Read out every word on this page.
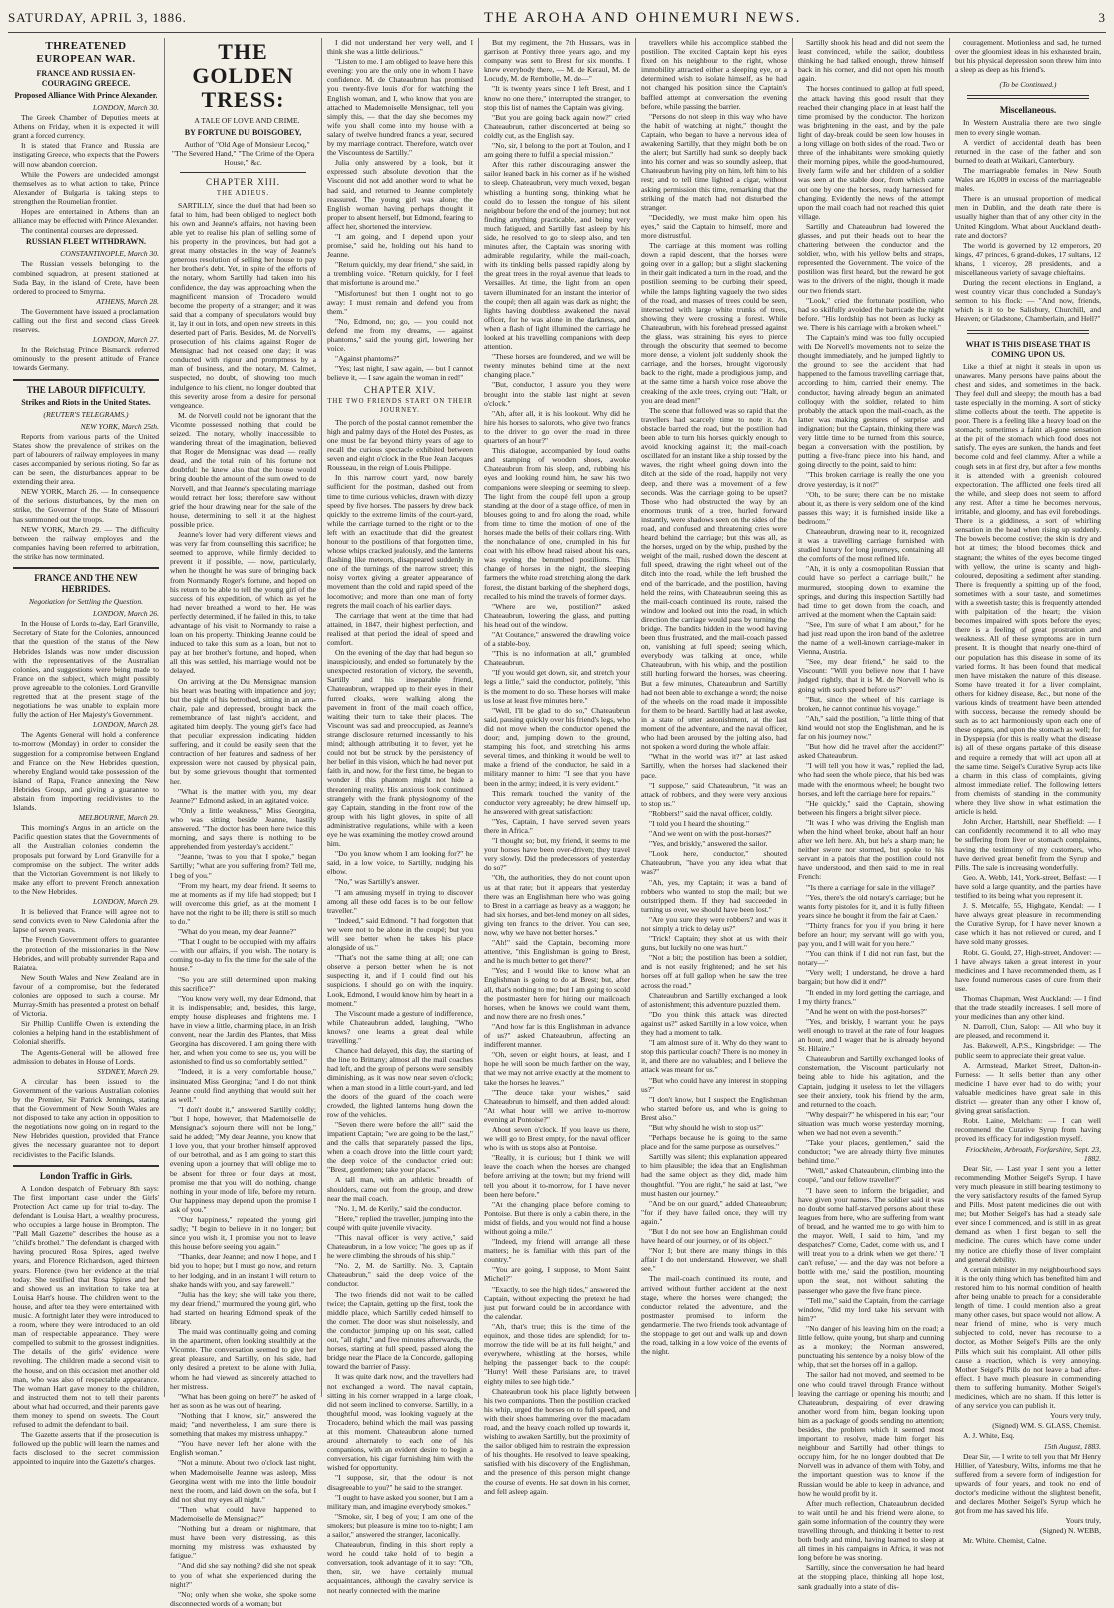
SATURDAY, APRIL 3, 1886.	THE AROHA AND OHINEMURI NEWS.	3
THREATENED EUROPEAN WAR.
FRANCE AND RUSSIA EN-COURAGING GREECE.
Proposed Alliance With Prince Alexander.

LONDON, March 30.

The Greek Chamber of Deputies meets at Athens on Friday, when it is expected it will grant a forced currency.

It is stated that France and Russia are instigating Greece, who expects that the Powers will now abandon coercion.

While the Powers are undecided amongst themselves as to what action to take, Prince Alexander of Bulgaria is taking steps to strengthen the Roumelian frontier.

Hopes are entertained in Athens than an alliance may be effected with Prince Alexander.

The continental courses are depressed.

RUSSIAN FLEET WITHDRAWN.

CONSTANTINOPLE, March 30.

The Russian vessels belonging to the combined squadron, at present stationed at Suda Bay, in the island of Crete, have been ordered to proceed to Smyrna.

ATHENS, March 28.

The Government have issued a proclamation calling out the first and second class Greek reserves.

LONDON, March 27.

In the Reichstag Prince Bismarck referred ominously to the present attitude of France towards Germany.

THE LABOUR DIFFICULTY.
Strikes and Riots in the United States.
(REUTER'S TELEGRAMS.)

NEW YORK, March 25th.

Reports from various parts of the United States show the prevalence of strikes on the part of labourers of railway employees in many cases accompanied by serious rioting. So far as can be seen, the disturbances appear to be extending their area.

NEW YORK, March 26. — In consequence of the serious disturbances, by the men on strike, the Governor of the State of Missouri has summoned out the troops.

NEW YORK, March 29. — The difficulty between the railway employes and the companies having been referred to arbitration, the strike has now terminated.

FRANCE AND THE NEW HEBRIDES.
Negotiation for Settling the Question.

LONDON, March 26.

In the House of Lords to-day, Earl Granville, Secretary of State for the Colonies, announced that the question of the status of the New Hebrides Islands was now under discussion with the representatives of the Australian colonies, and suggestions were being made to France on the subject, which might possibly prove agreeable to the colonies. Lord Granville regretted that at the present stage of the negotiations he was unable to explain more fully the action of Her Majesty's Government.

LONDON, March 28.

The Agents General will hold a conference to-morrow (Monday) in order to consider the suggestion for a compromise between England and France on the New Hebrides question, whereby England would take possession of the island of Rapa, France annexing the New Hebrides Group, and giving a guarantee to abstain from importing recidivistes to the Islands.

MELBOURNE, March 29.

This morning's Argus in an article on the Pacific question states that the Governments of all the Australian colonies condemn the proposals put forward by Lord Granville for a compromise on the subject. The writer adds that the Victorian Government is not likely to make any effort to prevent French annexation to the New Hebrides.

LONDON, March 29.

It is believed that France will agree not to send convicts even to New Caledonia after the lapse of seven years.

The French Government offers to guarantee the protection of the missionaries in the New Hebrides, and will probably surrender Rapa and Raiatea.

New South Wales and New Zealand are in favour of a compromise, but the federated colonies are opposed to such a course. Mr Murray-Smith has presented a protest on behalf of Victoria.

Sir Phillip Cunliffe Owen is extending the colonies a helping hand in the establishment of Colonial sheriffs.

The Agents-General will be allowed free admission to debates in House of Lords.

SYDNEY, March 29.

A circular has been issued to the Government of the various Australian colonies by the Premier, Sir Patrick Jennings, stating that the Government of New South Wales are not disposed to take any action in opposition to the negotiations now going on in regard to the New Hebrides question, provided that France gives the necessary guarantee not to deport recidivistes to the Pacific Islands.

London Traffic in Girls.

A London despatch of February 8th says: The first important case under the Girls' Protection Act came up for trial to-day. The defendant is Louisa Hart, a wealthy procuress, who occupies a large house in Brompton. The "Pall Mall Gazette" describes the house as a "child's brothel." The defendant is charged with having procured Rosa Spires, aged twelve years, and Florence Richardson, aged thirteen years. Florence (two her evidence at the trial today. She testified that Rosa Spires and her and showed us an invitation to take tea at Louisa Hart's house. The children went to the house, and after tea they were entertained with music. A fortnight later they were introduced to a room, where they were introduced to an old man of respectable appearance. They were compelled to submit to the grossest indignities. The details of the girls' evidence were revolting. The children made a second visit to the house, and on this occasion met another old man, who was also of respectable appearance. The woman Hart gave money to the children, and instructed them not to tell their parents about what had occurred, and their parents gave them money to spend on sweets. The Court refused to admit the defendant to bail.

The Gazette asserts that if the prosecution is followed up the public will learn the names and facts disclosed to the secret commission appointed to inquire into the Gazette's charges.

THE GOLDEN TRESS:

A TALE OF LOVE AND CRIME.

BY FORTUNE DU BOISGOBEY,

Author of "Old Age of Monsieur Lecoq," "The Severed Hand," "The Crime of the Opera House," &c.

CHAPTER XIII.
THE ADIEUS.

SARTILLY, since the duel that had been so fatal to him, had been obliged to neglect both his own and Jeanne's affairs, not having been able yet to realise his plan of selling some of his property in the provinces, but had got a great many obstacles in the way of Jeanne's generous resolution of selling her house to pay her brother's debt. Yet, in spite of the efforts of the notary, whom Sartilly had taken into his confidence, the day was approaching when the magnificent mansion of Trocadero would become the property of a stranger; and it was said that a company of speculators would buy it, lay it out in lots, and open new streets in this deserted part of Paris. Besides, M. de Norvell's prosecution of his claims against Roger de Mensignac had not ceased one day; it was conducted with rigour and promptness by a man of business, and the notary, M. Calmet, suspected, no doubt, of showing too much indulgence to his client, no longer doubted that this severity arose from a desire for personal vengeance.

M. de Norvell could not be ignorant that the Vicomte possessed nothing that could be seized. The notary, wholly inaccessible to wandering threat of the imagination, believed that Roger de Mensignac was dead — really dead, and the total ruin of his fortune not doubtful: he knew also that the house would bring double the amount of the sum owed to de Norvell, and that Jeanne's speculating marriage would retract her loss; therefore saw without grief the hour drawing near for the sale of the house, determining to sell it at the highest possible price.

Jeanne's lover had very different views and was very far from counselling this sacrifice; he seemed to approve, while firmly decided to prevent it if possible, — now, particularly, when he thought he was sure of bringing back from Normandy Roger's fortune, and hoped on his return to be able to tell the young girl of the success of his expedition, of which as yet he had never breathed a word to her. He was perfectly determined, if he failed in this, to take advantage of his visit to Normandy to raise a loan on his property. Thinking Jeanne could be induced to take this sum as a loan, but not to pay at her brother's fortune, and hoped, when all this was settled, his marriage would not be delayed.

On arriving at the Du Mensignac mansion his heart was beating with impatience and joy; but the sight of his betrothed, sitting in an arm-chair, pale and depressed, brought back the remembrance of last night's accident, and agitated him deeply. The young girl's face had that peculiar expression indicating hidden suffering, and it could be easily seen that the contraction of her features and sadness of her expression were not caused by physical pain, but by some grievous thought that tormented her.

"What is the matter with you, my dear Jeanne?" Edmond asked, in an agitated voice.

"Only a little weakness," Miss Georgina, who was sitting beside Jeanne, hastily answered. "The doctor has been here twice this morning, and says there is nothing to be apprehended from yesterday's accident."

"Jeanne, 'twas to you that I spoke," began Sartilly; "what are you suffering from? Tell me, I beg of you."

"From my heart, my dear friend. It seems to me at moments as if my life had stopped; but I will overcome this grief, as at the moment I have not the right to be ill; there is still so much to do."

"What do you mean, my dear Jeanne?"

"That I ought to be occupied with my affairs — with our affairs, if you wish. The notary is coming to-day to fix the time for the sale of the house."

"So you are still determined upon making this sacrifice?"

"You know very well, my dear Edmond, that it is indispensable; and, besides, this large, empty house displeases and frightens me. I have in view a little, charming place, in an Irish convent, near the Jardin des Plantes, that Miss Georgina has discovered. I am going there with her, and when you come to see us, you will be astonished to find us so comfortably settled."

"Indeed, it is a very comfortable house," insinuated Miss Georgina; "and I do not think Jeanne could find anything that would suit her as well."

"I don't doubt it," answered Sartilly coldly; "but I hope, however, that Mademoiselle de Mensignac's sojourn there will not be long," said he added; "My dear Jeanne, you know that I love you, that your brother himself approved of our betrothal, and as I am going to start this evening upon a journey that will oblige me to be absent for three or four days at most, promise me that you will do nothing, change nothing in your mode of life, before my return. Our happiness may depend upon the promise I ask of you."

"Our happiness," repeated the young girl sadly; "I begin to believe in it no longer; but since you wish it, I promise you not to leave this house before seeing you again."

"Thanks, dear Jeanne; and now I hope, and I bid you to hope; but I must go now, and return to her lodging, and in an instant I will return to shake hands with you, and say farewell."

"Julia has the key; she will take you there, my dear friend," murmured the young girl, who had started on hearing Edmond speak of the library.

The maid was continually going and coming in the apartment, often looking stealthily at the Vicomte. The conversation seemed to give her great pleasure, and Sartilly, on his side, had only desired a pretext to be alone with Julia, whom he had viewed as sincerely attached to her mistress.

"What has been going on here?" he asked of her as soon as he was out of hearing.

"Nothing that I know, sir," answered the maid; "and nevertheless, I am sure there is something that makes my mistress unhappy."

"You have never left her alone with the English woman."

"Not a minute. About two o'clock last night, when Mademoiselle Jeanne was asleep, Miss Georgina went with me into the little boudoir next the room, and laid down on the sofa, but I did not shut my eyes all night."

"Then what could have happened to Mademoiselle de Mensignac?"

"Nothing but a dream or nightmare, that must have been very distressing, as this morning my mistress was exhausted by fatigue."

"And did she say nothing? did she not speak to you of what she experienced during the night?"

"No; only when she woke, she spoke some disconnected words of a woman; but

I did not understand her very well, and I think she was a little delirious."

"Listen to me. I am obliged to leave here this evening: you are the only one in whom I have confidence. M. de Chateaubrun has promised you twenty-five louis d'or for watching the English woman, and I, who know that you are attached to Mademoiselle Mensignac, tell you simply this, — that the day she becomes my wife you shall come into my house with a salary of twelve hundred francs a year, secured by my marriage contract. Therefore, watch over the Viscountess de Sartilly."

Julia only answered by a look, but it expressed such absolute devotion that the Viscount did not add another word to what he had said, and returned to Jeanne completely reassured. The young girl was alone; the English woman having perhaps thought it proper to absent herself, but Edmond, fearing to affect her, shortened the interview.

"I am going, and I depend upon your promise," said he, holding out his hand to Jeanne.

"Return quickly, my dear friend," she said, in a trembling voice. "Return quickly, for I feel that misfortune is around me."

"Misfortunes! but then I ought not to go away: I must remain and defend you from them."

"No, Edmond, no; go, — you could not defend me from my dreams, — against phantoms," said the young girl, lowering her voice.

"Against phantoms?"

"Yes; last night, I saw again, — but I cannot believe it, — I saw again the woman in red!"

CHAPTER XIV.
THE TWO FRIENDS START ON THEIR JOURNEY.

The porch of the postal cannot remember the high and palmy days of the Hotel des Postes, as one must be far beyond thirty years of age to recall the curious spectacle exhibited between seven and eight o'clock in the Rue Jean Jacques Rousseau, in the reign of Louis Philippe.

In this narrow court yard, now barely sufficient for the postman, dashed out from time to time curious vehicles, drawn with dizzy speed by five horses. The passers by drew back quickly to the extreme limits of the court-yard, while the carriage turned to the right or to the left with an exactitude that did the greatest honour to the postilions of that forgotten time, whose whips cracked jealously, and the lanterns flashing like meteors, disappeared suddenly in one of the turnings of the narrow street; this noisy vortex giving a greater appearance of movement than the cold and rapid speed of the locomotive; and more than one man of forty regrets the mail coach of his earlier days.

The carriage that went at the time that had attained, in 1847, their highest perfection, and realised at that period the ideal of speed and comfort.

On the evening of the day that had begun so inauspiciously, and ended so fortunately by the unexpected restoration of victory, the seventh, Sartilly and his inseparable friend, Chateaubrun, wrapped up to their eyes in their furred cloaks, were walking along the pavement in front of the mail coach office, waiting their turn to take their places. The Viscount was sad and preoccupied, as Jeanne's strange disclosure returned incessantly to his mind; although attributing it to fever, yet he could not but be struck by the persistency of her belief in this vision, which he had never put faith in, and now, for the first time, he began to wonder if this phantom might not hide a threatening reality. His anxious look continued strangely with the frank physiognomy of the gay Captain, standing in the front row of the group with his light gloves, in spite of all administrative regulations, while with a keen eye he was examining the motley crowd around him.

"Do you know whom I am looking for?" he said, in a low voice, to Sartilly, nudging his elbow.

"No," was Sartilly's answer.

"I am amusing myself in trying to discover among all these odd faces is to be our fellow traveller."

"Indeed," said Edmond. "I had forgotten that we were not to be alone in the coupé; but you will see better when he takes his place alongside of us."

"That's not the same thing at all; one can observe a person better when he is not suspecting it, and if I could find out his suspicions. I should go on with the inquiry. Look, Edmond, I would know him by heart in a moment."

The Viscount made a gesture of indifference, while Chateaubrun added, laughing, "Who knows? one learns a great deal while travelling."

Chance had delayed, this day, the starting of the line to Brittany; almost all the mail coaches had left, and the group of persons were sensibly diminishing, as it was now near seven o'clock; when a man stood in a little court-yard, and led the doors of the guard of the coach were crowded, the lighted lanterns hung down the row of the vehicles.

"Seven there were before the all!" said the impatient Captain; "we are going to be the last," and the calls that separately passed the lips, when a coach drove into the little court yard; the deep voice of the conductor cried out: "Brest, gentlemen; take your places."

A tall man, with an athletic breadth of shoulders, came out from the group, and drew near the mail coach.

"No. 1, M. de Kerily," said the conductor.

"Here," replied the traveller, jumping into the coupé with quite juvenile vivacity.

"This naval officer is very active," said Chateaubrun, in a low voice; "he goes up as if he were climbing the shrouds of his ship."

"No. 2, M. de Sartilly. No. 3, Captain Chateaubrun," said the deep voice of the conductor.

The two friends did not wait to be called twice; the Captain, getting up the first, took the middle place, which Sartilly ceded himself to the corner. The door was shut noiselessly, and the conductor jumping up on his seat, called out, "all right," and five minutes afterwards, the horses, starting at full speed, passed along the bridge near the Place de la Concorde, galloping toward the barrier of Passy.

It was quite dark now, and the travellers had not exchanged a word. The naval captain, sitting in his corner wrapped in a large cloak, did not seem inclined to converse. Sartilly, in a thoughtful mood, was looking vaguely at the Trocadero, behind which the mail was passing at this moment. Chateaubrun alone turned around alternately to each one of his companions, with an evident desire to begin a conversation, his cigar furnishing him with the wished for opportunity.

"I suppose, sir, that the odour is not disagreeable to you?" he said to the stranger.

"I ought to have asked you sooner, but I am a military man, and imagine everybody smokes."

"Smoke, sir, I beg of you; I am one of the smokers; but pleasure is mine too to-night; I am a sailor," answered the stranger, laconically.

Chateaubrun, finding in this short reply a word he could take hold of to begin a conversation, took advantage of it to say: "Oh, then, sir, we have certainly mutual acquaintances, although the cavalry service is not nearly connected with the marine

But my regiment, the 7th Hussars, was in garrison at Pontivy three years ago, and my company was sent to Brest for six months. I knew everybody there, — M. de Keraul, M. de Locudy, M. de Rembolle, M. de—"

"It is twenty years since I left Brest, and I know no one there," interrupted the stranger, to stop this list of names the Captain was giving.

"But you are going back again now?" cried Chateaubrun, rather disconcerted at being so coldly cut, as the English say.

"No, sir, I belong to the port at Toulon, and I am going there to fulfil a special mission."

After this rather discouraging answer the sailor leaned back in his corner as if he wished to sleep. Chateaubrun, very much vexed, began whistling a hunting song, thinking what he could do to lessen the tongue of his silent neighbour before the end of the journey; but not finding anything practicable, and being very much fatigued, and Sartilly fast asleep by his side, he resolved to go to sleep also, and ten minutes after, the Captain was snoring with admirable regularity, while the mail-coach, with its tinkling bells passed rapidly along by the great trees in the royal avenue that leads to Versailles. At time, the light from an open tavern illuminated for an instant the interior of the coupé; then all again was dark as night; the lights having doubtless awakened the naval officer, for he was alone in the darkness, and when a flash of light illumined the carriage he looked at his travelling companions with deep attention.

"These horses are foundered, and we will be twenty minutes behind time at the next changing place."

"But, conductor, I assure you they were brought into the stable last night at seven o'clock."

"Ah, after all, it is his lookout. Why did he hire his horses to salorots, who give two francs to the driver to go over the road in three quarters of an hour?"

This dialogue, accompanied by loud oaths and stamping of wooden shoes, awoke Chateaubrun from his sleep, and, rubbing his eyes and looking round him, he saw his two companions were sleeping or seeming to sleep. The light from the coupé fell upon a group standing at the door of a stage office, of men in blouses going to and fro along the road, while from time to time the motion of one of the horses made the bells of their collars ring. With the nonchalance of one, crumpled in his fur coat with his elbow head raised about his ears, was eyeing the benumbed postilions. This change of horses in the night, the sleeping farmers the white road stretching along the dark forest, the distant barking of the shepherd dogs, recalled to his mind the travels of former days.

"Where are we, postilion?" asked Chateaubrun, lowering the glass, and putting his head out of the window.

"At Coutance," answered the drawling voice of a stable-boy.

"This is no information at all," grumbled Chateaubrun.

"If you would get down, sir, and stretch your legs a little," said the conductor, politely, "this is the moment to do so. These horses will make us lose at least five minutes here."

"Well, I'll be glad to do so," Chateaubrun said, pausing quickly over his friend's legs, who did not move when the conductor opened the door; and, jumping down to the ground, stamping his foot, and stretching his arms several times, and thinking it would be well to make a friend of the conductor, he said in a military manner to him: "I see that you have been in the army; indeed, it is very evident."

This remark touched the vanity of the conductor very agreeably; he drew himself up, he answered with great satisfaction:

"Yes, Captain, I have served seven years there in Africa."

"I thought so; but, my friend, it seems to me your horses have been over-driven; they travel very slowly. Did the predecessors of yesterday do so?"

"Oh, the authorities, they do not count upon us at that rate; but it appears that yesterday there was an Englishman here who was going to Brest in a carriage as heavy as a waggon; he had six horses, and bet-lend money on all sides, giving ten francs to the driver. You can see, now, why we have not better horses."

"Ah!" said the Captain, becoming more attentive, "this Englishman is going to Brest, and he is much better to get there?"

"Yes; and I would like to know what an Englishman is going to do at Brest; but, after all, that's nothing to me; but I am going to scold the postmaster here for hiring our mailcoach horses, when he knows we could want them, and now there are no fresh ones."

"And how far is this Englishman in advance of us?" asked Chateaubrun, affecting an indifferent manner.

"Oh, seven or eight hours, at least, and I hope he will soon be much farther on the way, that we may not arrive exactly at the moment to take the horses he leaves."

"The deuce take your wishes," said Chateaubrun to himself, and then added aloud: "At what hour will we arrive to-morrow evening at Pontoise?"

About seven o'clock. If you leave us there, we will go to Brest empty, for the naval officer who is with us stops also at Pontoise.

"Really, it is curious; but I think we will leave the coach when the horses are changed before arriving at the town; but my friend will tell you about it to-morrow, for I have never been here before."

"At the changing place before coming to Pontoise. But there is only a cabin there, in the midst of fields, and you would not find a house without going a mile."

"Indeed, my friend will arrange all these matters; he is familiar with this part of the country."

"You are going, I suppose, to Mont Saint Michel?"

"Exactly, to see the high tides," answered the Captain, without expecting the pretext he had just put forward could be in accordance with the calendar.

"Ah, that's true; this is the time of the equinox, and those tides are splendid; for to-morrow the tide will be at its full height," and everywhere, whistling at the horses, while helping the passenger back to the coupé: "Hurry! Well these Parisians are, to travel eighty miles to see high tide."

Chateaubrun took his place lightly between his two companions. Then the postilion cracked his whip, urged the horses on to full speed, and with their shoes hammering over the macadam road, and the heavy coach rolled up towards it, wishing to awaken Sartilly, but the proximity of the sailor obliged him to restrain the expression of his thoughts. He resolved to leave speaking, satisfied with his discovery of the Englishman, and the presence of this person might change the course of events. He sat down in his corner, and fell asleep again.

travellers while his accomplice stabbed the postilion. The excited Captain kept his eyes fixed on his neighbour to the right, whose immobility attracted either a sleeping eye, or a determined wish to isolate himself, as he had not changed his position since the Captain's baffled attempt at conversation the evening before, while passing the barrier.

"Persons do not sleep in this way who have the habit of watching at night," thought the Captain, who began to have a nervous idea of awakening Sartilly, that they might both be on the alert; but Sartilly had sunk so deeply back into his corner and was so soundly asleep, that Chateaubrun having pity on him, left him to his rest; and to tell time lighted a cigar, without asking permission this time, remarking that the striking of the match had not disturbed the stranger.

"Decidedly, we must make him open his eyes," said the Captain to himself, more and more distrustful.

The carriage at this moment was rolling down a rapid descent, that the horses were going over in a gallop; but a slight slackening in their gait indicated a turn in the road, and the postilion seeming to be curbing their speed, while the lamps lighting vaguely the two sides of the road, and masses of trees could be seen, intersected with large white trunks of trees, showing they were crossing a forest. While Chateaubrun, with his forehead pressed against the glass, was straining his eyes to pierce through the obscurity that seemed to become more dense, a violent jolt suddenly shook the carriage, and the horses, brought vigorously back to the right, made a prodigious jump, and at the same time a harsh voice rose above the creaking of the axle trees, crying out: "Halt, or you are dead men!"

The scene that followed was so rapid that the travellers had scarcely time to note it. An obstacle barred the road, but the postilion had been able to turn his horses quickly enough to avoid knocking against it; the mail-coach oscillated for an instant like a ship tossed by the waves, the right wheel going down into the ditch at the side of the road, happily not very deep, and there was a movement of a few seconds. Was the carriage going to be upset? Those who had obstructed the way by an enormous trunk of a tree, hurled forward instantly, were shadows seen on the sides of the road, and confused and threatening cries were heard behind the carriage; but this was all, as the horses, urged on by the whip, pushed by the weight of the mail, rushed down the descent at full speed, drawing the right wheel out of the ditch into the road, while the left brushed the end of the barricade, and the postilion, having held the reins, with Chateaubrun seeing this as the mail-coach continued its route, raised the window and looked out into the road, in which direction the carriage would pass by turning the bridge. The bandits hidden in the wood having been thus frustrated, and the mail-coach passed on, vanishing at full speed; seeing which, everybody was talking at once, while Chateaubrun, with his whip, and the postilion still hurling forward the horses, was cheering. But a few minutes, Chateaubrun and Sartilly had not been able to exchange a word; the noise of the wheels on the road made it impossible for them to be heard. Sartilly had at last awoke, in a state of utter astonishment, at the last moment of the adventure, and the naval officer, who had been aroused by the jolting also, had not spoken a word during the whole affair.

"What in the world was it?" at last asked Sartilly, when the horses had slackened their pace.

"I suppose," said Chateaubrun, "it was an attack of robbers, and they were very anxious to stop us."

"Robbers!" said the naval officer, coldly.

"I told you I heard the shouting."

"And we went on with the post-horses?"

"Yes, and briskly," answered the sailor.

"Look here, conductor," shouted Chateaubrun, "have you any idea what that was?"

"Ah, yes, my Captain; it was a band of robbers who wanted to stop the mail; but we outstripped them. If they had succeeded in turning us over, we should have been lost."

"Are you sure they were robbers? and was it not simply a trick to delay us?"

"Trick! Captain; they shot at us with their guns, but luckily no one was hurt."

"Not a bit; the postilion has been a soldier, and is not easily frightened; and he set his horses off at full gallop when he saw the tree across the road."

Chateaubrun and Sartilly exchanged a look of astonishment; this adventure puzzled them.

"Do you think this attack was directed against us?" asked Sartilly in a low voice, when they had a moment to talk.

"I am almost sure of it. Why do they want to stop this particular coach? There is no money in it, and there are no valuables; and I believe the attack was meant for us."

"But who could have any interest in stopping us?"

"I don't know, but I suspect the Englishman who started before us, and who is going to Brest also."

"But why should he wish to stop us?"

"Perhaps because he is going to the same place and for the same purpose as ourselves."

Sartilly was silent; this explanation appeared to him plausible; the idea that an Englishman had the same object as they did, made him thoughtful. "You are right," he said at last, "we must hasten our journey."

"And be on our guard," added Chateaubrun; "for if they have failed once, they will try again."

"But I do not see how an Englishman could have heard of our journey, or of its object."

"Nor I; but there are many things in this affair I do not understand. However, we shall see."

The mail-coach continued its route, and arrived without further accident at the next stage, where the horses were changed; the conductor related the adventure, and the postmaster promised to inform the gendarmerie. The two friends took advantage of the stoppage to get out and walk up and down the road, talking in a low voice of the events of the night.

Sartilly shook his head and did not seem the least convinced, while the sailor, doubtless thinking he had talked enough, threw himself back in his corner, and did not open his mouth again.

The horses continued to gallop at full speed, the attack having this good result that they reached their changing place in at least half the time promised by the conductor. The horizon was brightening in the east, and by the pale light of day-break could be seen low houses in a long village on both sides of the road. Two or three of the inhabitants were smoking quietly their morning pipes, while the good-humoured, lively farm wife and her children of a soldier was seen at the stable door, from which came out one by one the horses, ready harnessed for changing. Evidently the news of the attempt upon the mail coach had not reached this quiet village.

Sartilly and Chateaubrun had lowered the glasses, and put their heads out to hear the chattering between the conductor and the soldier, who, with his yellow belts and straps, represented the Government. The voice of the postilion was first heard, but the reward he got was to the drivers of the night, though it made our two friends start.

"Look," cried the fortunate postilion, who had so skilfully avoided the barricade the night before. "His lordship has not been as lucky as we. There is his carriage with a broken wheel."

The Captain's mind was too fully occupied with De Norvell's movements not to seize the thought immediately, and he jumped lightly to the ground to see the accident that had happened to the famous travelling carriage that, according to him, carried their enemy. The conductor, having already begun an animated colloquy with the soldier, related to him probably the attack upon the mail-coach, as the latter was making gestures of surprise and indignation; but the Captain, thinking there was very little time to be turned from this source, began a conversation with the postilion, by putting a five-franc piece into his hand, and going directly to the point, said to him:

"This broken carriage is really the one you drove yesterday, is it not?"

"Oh, to be sure; there can be no mistake about it, as there is very seldom one of the kind passes this way; it is furnished inside like a bedroom."

Chateaubrun, drawing near to it, recognized it was a travelling carriage furnished with studied luxury for long journeys, containing all the comforts of the most refined life.

"Ah, it is only a cosmopolitan Russian that could have so perfect a carriage built," he murmured, stooping down to examine the springs, and during this inspection Sartilly had had time to get down from the coach, and arrived at the moment when the Captain said:

"See, I'm sure of what I am about," for he had just read upon the iron band of the axletree the name of a well-known carriage-maker in Vienna, Austria.

"See, my dear friend," he said to the Viscount: "Will you believe now that I have judged rightly, that it is M. de Norvell who is going with such speed before us?"

"But, since the wheel of his carriage is broken, he cannot continue his voyage."

"Ah," said the postilion, "a little thing of that kind would not stop the Englishman, and he is far on his journey now."

"But how did he travel after the accident?" asked Chateaubrun.

"I will tell you how it was," replied the lad, who had seen the whole piece, that his bed was made with the enormous wheel; he bought two horses, and left the carriage here for repairs."

"He quickly," said the Captain, showing between his fingers a bright silver piece.

"It was I who was driving the English man when the hind wheel broke, about half an hour after we left here. Ah, but he's a sharp man; he neither swore nor stormed, but spoke to his servant in a patois that the postilion could not have understood, and then said to me in real French:

"'Is there a carriage for sale in the village?'

"Yes, there's the old notary's carriage; but he wants forty pistoles for it, and it is fully fifteen years since he bought it from the fair at Caen.'

"Thirty francs for you if you bring it here before an hour; my servant will go with you, pay you, and I will wait for you here."

"You can think if I did not run fast, but the notary—"

"Very well; I understand, he drove a hard bargain; but how did it end?"

"It ended in my lord getting the carriage, and I my thirty francs."

"And he went on with the post-horses?"

"Yes, and briskly, I warrant you: he pays well enough to travel at the rate of four leagues an hour, and I wager that he is already beyond St. Hilaire."

Chateaubrun and Sartilly exchanged looks of consternation, the Viscount particularly not being able to hide his agitation, and the Captain, judging it useless to let the villagers see their anxiety, took his friend by the arm, and returned to the coach.

"Why despair?" he whispered in his ear; "our situation was much worse yesterday morning, when we had not even a seventh."

"Take your places, gentlemen," said the conductor; "we are already thirty five minutes behind time."

"Well," asked Chateaubrun, climbing into the coupé, "and our fellow traveller?"

"I have seen to inform the brigadier, and have given your names. The soldier said it was no doubt some half-starved persons about these leagues from here, who are suffering from want of bread, and he wanted me to go with him to the mayor. Well, I said to him, 'and my despatches?' Come, Cadet, come with us, and I will treat you to a drink when we get there.' 'I can't refuse,' — and the day was not before a bottle with me,' said the postilion, mounting upon the seat, not without saluting the passenger who gave the five franc piece.

"Tell me," said the Captain, from the carriage window, "did my lord take his servant with him?"

"No danger of his leaving him on the road; a little fellow, quite young, but sharp and cunning as a monkey; the Norman answered, punctuating his sentence by a noisy blow of the whip, that set the horses off in a gallop.

The sailor had not moved, and seemed to be one who could travel through France without leaving the carriage or opening his mouth; and Chateaubrun, despairing of ever drawing another word from him, began looking upon him as a package of goods sending no attention; besides, the problem which it seemed most important to resolve, made him forget his neighbour and Sartilly had other things to occupy him, for he no longer doubted that De Norvell was in advance of them with Toby, and the important question was to know if the Russian would be able to keep in advance, and how he would profit by it.

After much reflection, Chateaubrun decided to wait until he and his friend were alone, to gain some information of the country they were travelling through, and thinking it better to rest both body and mind, having learned to sleep at all times in his campaigns in Africa, it was not long before he was snoring.

Sartilly, since the conversation he had heard at the stopping place, thinking all hope lost, sank gradually into a state of dis-

couragement. Motionless and sad, he turned over the gloomiest ideas in his exhausted brain, but his physical depression soon threw him into a sleep as deep as his friend's.

(To be Continued.)
Miscellaneous.

In Western Australia there are two single men to every single woman.

A verdict of accidental death has been returned in the case of the father and son burned to death at Waikari, Canterbury.

The marriageable females in New South Wales are 16,009 in excess of the marriageable males.

There is an unusual proportion of medical men in Dublin, and the death rate there is usually higher than that of any other city in the United Kingdom. What about Auckland death-rate and doctors?

The world is governed by 12 emperors, 20 kings, 47 princes, 6 grand-dukes, 17 sultans, 12 khans, 1 viceroy, 28 presidents, and a miscellaneous variety of savage chieftains.

During the recent elections in England, a west country vicar thus concluded a Sunday's sermon to his flock: — "And now, friends, which is it to be Salisbury, Churchill, and Heaven; or Gladstone, Chamberlain, and Hell?"

WHAT IS THIS DISEASE THAT IS COMING UPON US.

Like a thief at night it steals in upon us unawares. Many persons have pains about the chest and sides, and sometimes in the back. They feel dull and sleepy; the mouth has a bad taste especially in the morning. A sort of sticky slime collects about the teeth. The appetite is poor. There is a feeling like a heavy load on the stomach; sometimes a faint all-gone sensation at the pit of the stomach which food does not satisfy. The eyes are sunken, the hands and feet become cold and feel clammy. After a while a cough sets in at first dry, but after a few months it is attended with a greenish coloured expectoration. The afflicted one feels tired all the while, and sleep does not seem to afford any rest. After a time he becomes nervous, irritable, and gloomy, and has evil forebodings. There is a giddiness, a sort of whirling sensation in the head when rising up suddenly. The bowels become costive; the skin is dry and hot at times; the blood becomes thick and stagnant; the whites of the eyes become tinged with yellow, the urine is scanty and high-coloured, depositing a sediment after standing. There is frequently a spitting up of the food, sometimes with a sour taste, and sometimes with a sweetish taste; this is frequently attended with palpitation of the heart; the vision becomes impaired with spots before the eyes; there is a feeling of great prostration and weakness. All of these symptoms are in turn present. It is thought that nearly one-third of our population has this disease in some of its varied forms. It has been found that medical men have mistaken the nature of this disease. Some have treated it for a liver complaint, others for kidney disease, &c., but none of the various kinds of treatment have been attended with success, because the remedy should be such as to act harmoniously upon each one of these organs, and upon the stomach as well; for in Dyspepsia (for this is really what the disease is) all of these organs partake of this disease and require a remedy that will act upon all at the same time. Seigel's Curative Syrup acts like a charm in this class of complaints, giving almost immediate relief. The following letters from chemists of standing in the community where they live show in what estimation the article is held.

John Archer, Hartshill, near Sheffield: — I can confidently recommend it to all who may be suffering from liver or stomach complaints, having the testimony of my customers, who have derived great benefit from the Syrup and Pills. The sale is increasing wonderfully.

Geo. A. Webb, 141, York-street, Belfast: — I have sold a large quantity, and the parties have testified to its being what you represent it.

J. S. Metcalfe, 55, Highgate, Kendal: — I have always great pleasure in recommending the Curative Syrup, for I have never known a case which it has not relieved or cured, and I have sold many grosses.

Robt. G. Gould, 27, High-street, Andover: — I have always taken a great interest in your medicines and I have recommended them, as I have found numerous cases of cure from their use.

Thomas Chapman, West Auckland: — I find that the trade steadily increases. I sell more of your medicines than any other kind.

N. Darroll, Clun, Salop: — All who buy it are pleased, and recommend it.

Jas. Bakewell, A.P.S., Kingsbridge: — The public seem to appreciate their great value.

A. Armstead, Market Street, Dalton-in-Furness: — It sells better than any other medicine I have ever had to do with; your valuable medicines have great sale in this district — greater than any other I know of, giving great satisfaction.

Robt. Laine, Melcham: — I can well recommend the Curative Syrup from having proved its efficacy for indigestion myself.

Friockheim, Arbroath, Forfarshire, Sept. 23, 1882.

Dear Sir, — Last year I sent you a letter recommending Mother Seigel's Syrup. I have very much pleasure in still bearing testimony to the very satisfactory results of the famed Syrup and Pills. Most patent medicines die out with me; but Mother Seigel's has had a steady sale ever since I commenced, and is still in as great demand as when I first began to sell the medicine. The cures which have come under my notice are chiefly those of liver complaint and general debility.

A certain minister in my neighbourhood says it is the only thing which has benefited him and restored him to his normal condition of health after being unable to preach for a considerable length of time. I could mention also a great many other cases, but space would not allow. A near friend of mine, who is very much subjected to cold, never has recourse to a doctor, as Mother Seigel's Pills are the only Pills which suit his complaint. All other pills cause a reaction, which is very annoying. Mother Seigel's Pills do not leave a bad after-effect. I have much pleasure in commending them to suffering humanity. Mother Seigel's medicines, which are no sham. If this letter is of any service you can publish it.

Yours very truly,

(Signed) WM. S. GLASS, Chemist.

A. J. White, Esq.

15th August, 1883.

Dear Sir, — I write to tell you that Mr Henry Hillier, of Yatesbury, Wilts, informs me that he suffered from a severe form of indigestion for upwards of four years, and took no end of doctor's medicine without the slightest benefit, and declares Mother Seigel's Syrup which he got from me has saved his life.

Yours truly,

(Signed) N. WEBB,

Mr. White. Chemist, Calne.
